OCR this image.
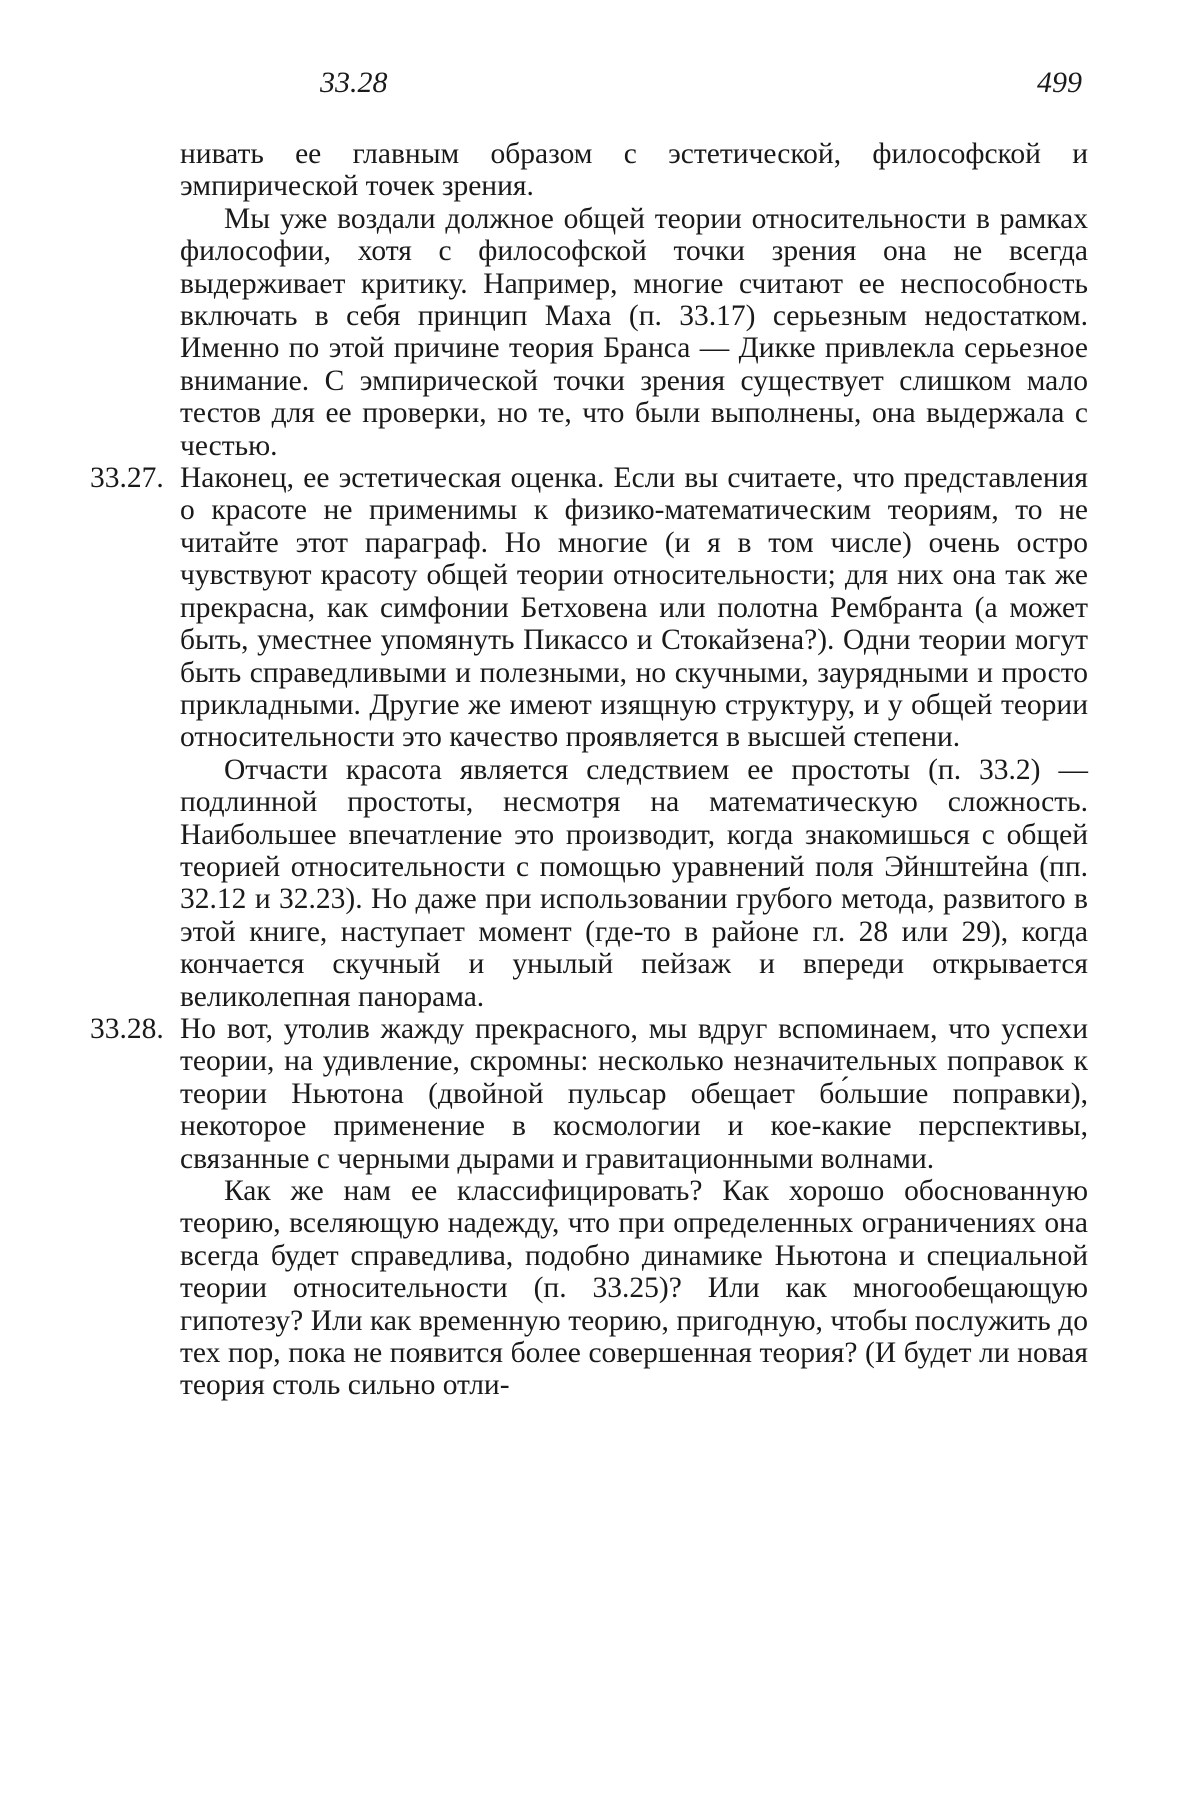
33.28	499

нивать ее главным образом с эстетической, философской и эмпирической точек зрения.

Мы уже воздали должное общей теории относительности в рамках философии, хотя с философской точки зрения она не всегда выдерживает критику. Например, многие считают ее неспособность включать в себя принцип Маха (п. 33.17) серьезным недостатком. Именно по этой причине теория Бранса — Дикке привлекла серьезное внимание. С эмпирической точки зрения существует слишком мало тестов для ее проверки, но те, что были выполнены, она выдержала с честью.

33.27. Наконец, ее эстетическая оценка. Если вы считаете, что представления о красоте не применимы к физико-математическим теориям, то не читайте этот параграф. Но многие (и я в том числе) очень остро чувствуют красоту общей теории относительности; для них она так же прекрасна, как симфонии Бетховена или полотна Рембранта (а может быть, уместнее упомянуть Пикассо и Стокайзена?). Одни теории могут быть справедливыми и полезными, но скучными, заурядными и просто прикладными. Другие же имеют изящную структуру, и у общей теории относительности это качество проявляется в высшей степени.

Отчасти красота является следствием ее простоты (п. 33.2) — подлинной простоты, несмотря на математическую сложность. Наибольшее впечатление это производит, когда знакомишься с общей теорией относительности с помощью уравнений поля Эйнштейна (пп. 32.12 и 32.23). Но даже при использовании грубого метода, развитого в этой книге, наступает момент (где-то в районе гл. 28 или 29), когда кончается скучный и унылый пейзаж и впереди открывается великолепная панорама.

33.28. Но вот, утолив жажду прекрасного, мы вдруг вспоминаем, что успехи теории, на удивление, скромны: несколько незначительных поправок к теории Ньютона (двойной пульсар обещает бо́льшие поправки), некоторое применение в космологии и кое-какие перспективы, связанные с черными дырами и гравитационными волнами.

Как же нам ее классифицировать? Как хорошо обоснованную теорию, вселяющую надежду, что при определенных ограничениях она всегда будет справедлива, подобно динамике Ньютона и специальной теории относительности (п. 33.25)? Или как многообещающую гипотезу? Или как временную теорию, пригодную, чтобы послужить до тех пор, пока не появится более совершенная теория? (И будет ли новая теория столь сильно отли-
